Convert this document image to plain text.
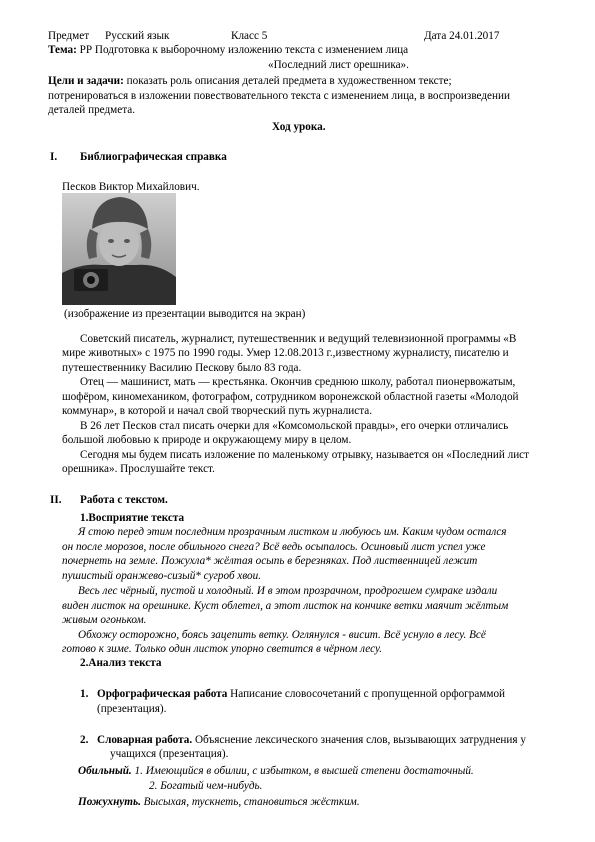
Предмет Русский язык	Класс 5	Дата 24.01.2017
Тема: РР Подготовка к выборочному изложению текста с изменением лица
«Последний лист орешника».
Цели и задачи: показать роль описания деталей предмета в художественном тексте;
потренироваться в изложении повествовательного текста с изменением лица, в воспроизведении
деталей предмета.
Ход урока.
I. Библиографическая справка
Песков Виктор Михайлович.
(изображение из презентации выводится на экран)
Советский писатель, журналист, путешественник и ведущий телевизионной программы «В
мире животных» с 1975 по 1990 годы. Умер 12.08.2013 г.,известному журналисту, писателю и
путешественнику Василию Пескову было 83 года.
Отец — машинист, мать — крестьянка. Окончив среднюю школу, работал пионервожатым,
шофёром, киномехаником, фотографом, сотрудником воронежской областной газеты «Молодой
коммунар», в которой и начал свой творческий путь журналиста.
В 26 лет Песков стал писать очерки для «Комсомольской правды», его очерки отличались
большой любовью к природе и окружающему миру в целом.
Сегодня мы будем писать изложение по маленькому отрывку, называется он «Последний лист
орешника». Прослушайте текст.
II. Работа с текстом.
1.Восприятие текста
Я стою перед этим последним прозрачным листком и любуюсь им. Каким чудом остался
он после морозов, после обильного снега? Всё ведь осыпалось. Осиновый лист успел уже
почернеть на земле. Пожухла* жёлтая осыпь в березняках. Под лиственницей лежит
пушистый оранжево-сизый* сугроб хвои.
Весь лес чёрный, пустой и холодный. И в этом прозрачном, продрогшем сумраке издали
виден листок на орешнике. Куст облетел, а этот листок на кончике ветки маячит жёлтым
живым огоньком.
Обхожу осторожно, боясь зацепить ветку. Оглянулся - висит. Всё уснуло в лесу. Всё
готово к зиме. Только один листок упорно светится в чёрном лесу.
2.Анализ текста
1. Орфографическая работа Написание словосочетаний с пропущенной орфограммой
(презентация).
2. Словарная работа. Объяснение лексического значения слов, вызывающих затруднения у
учащихся (презентация).
Обильный. 1. Имеющийся в обилии, с избытком, в высшей степени достаточный.
2. Богатый чем-нибудь.
Пожухнуть. Высыхая, тускнеть, становиться жёстким.
